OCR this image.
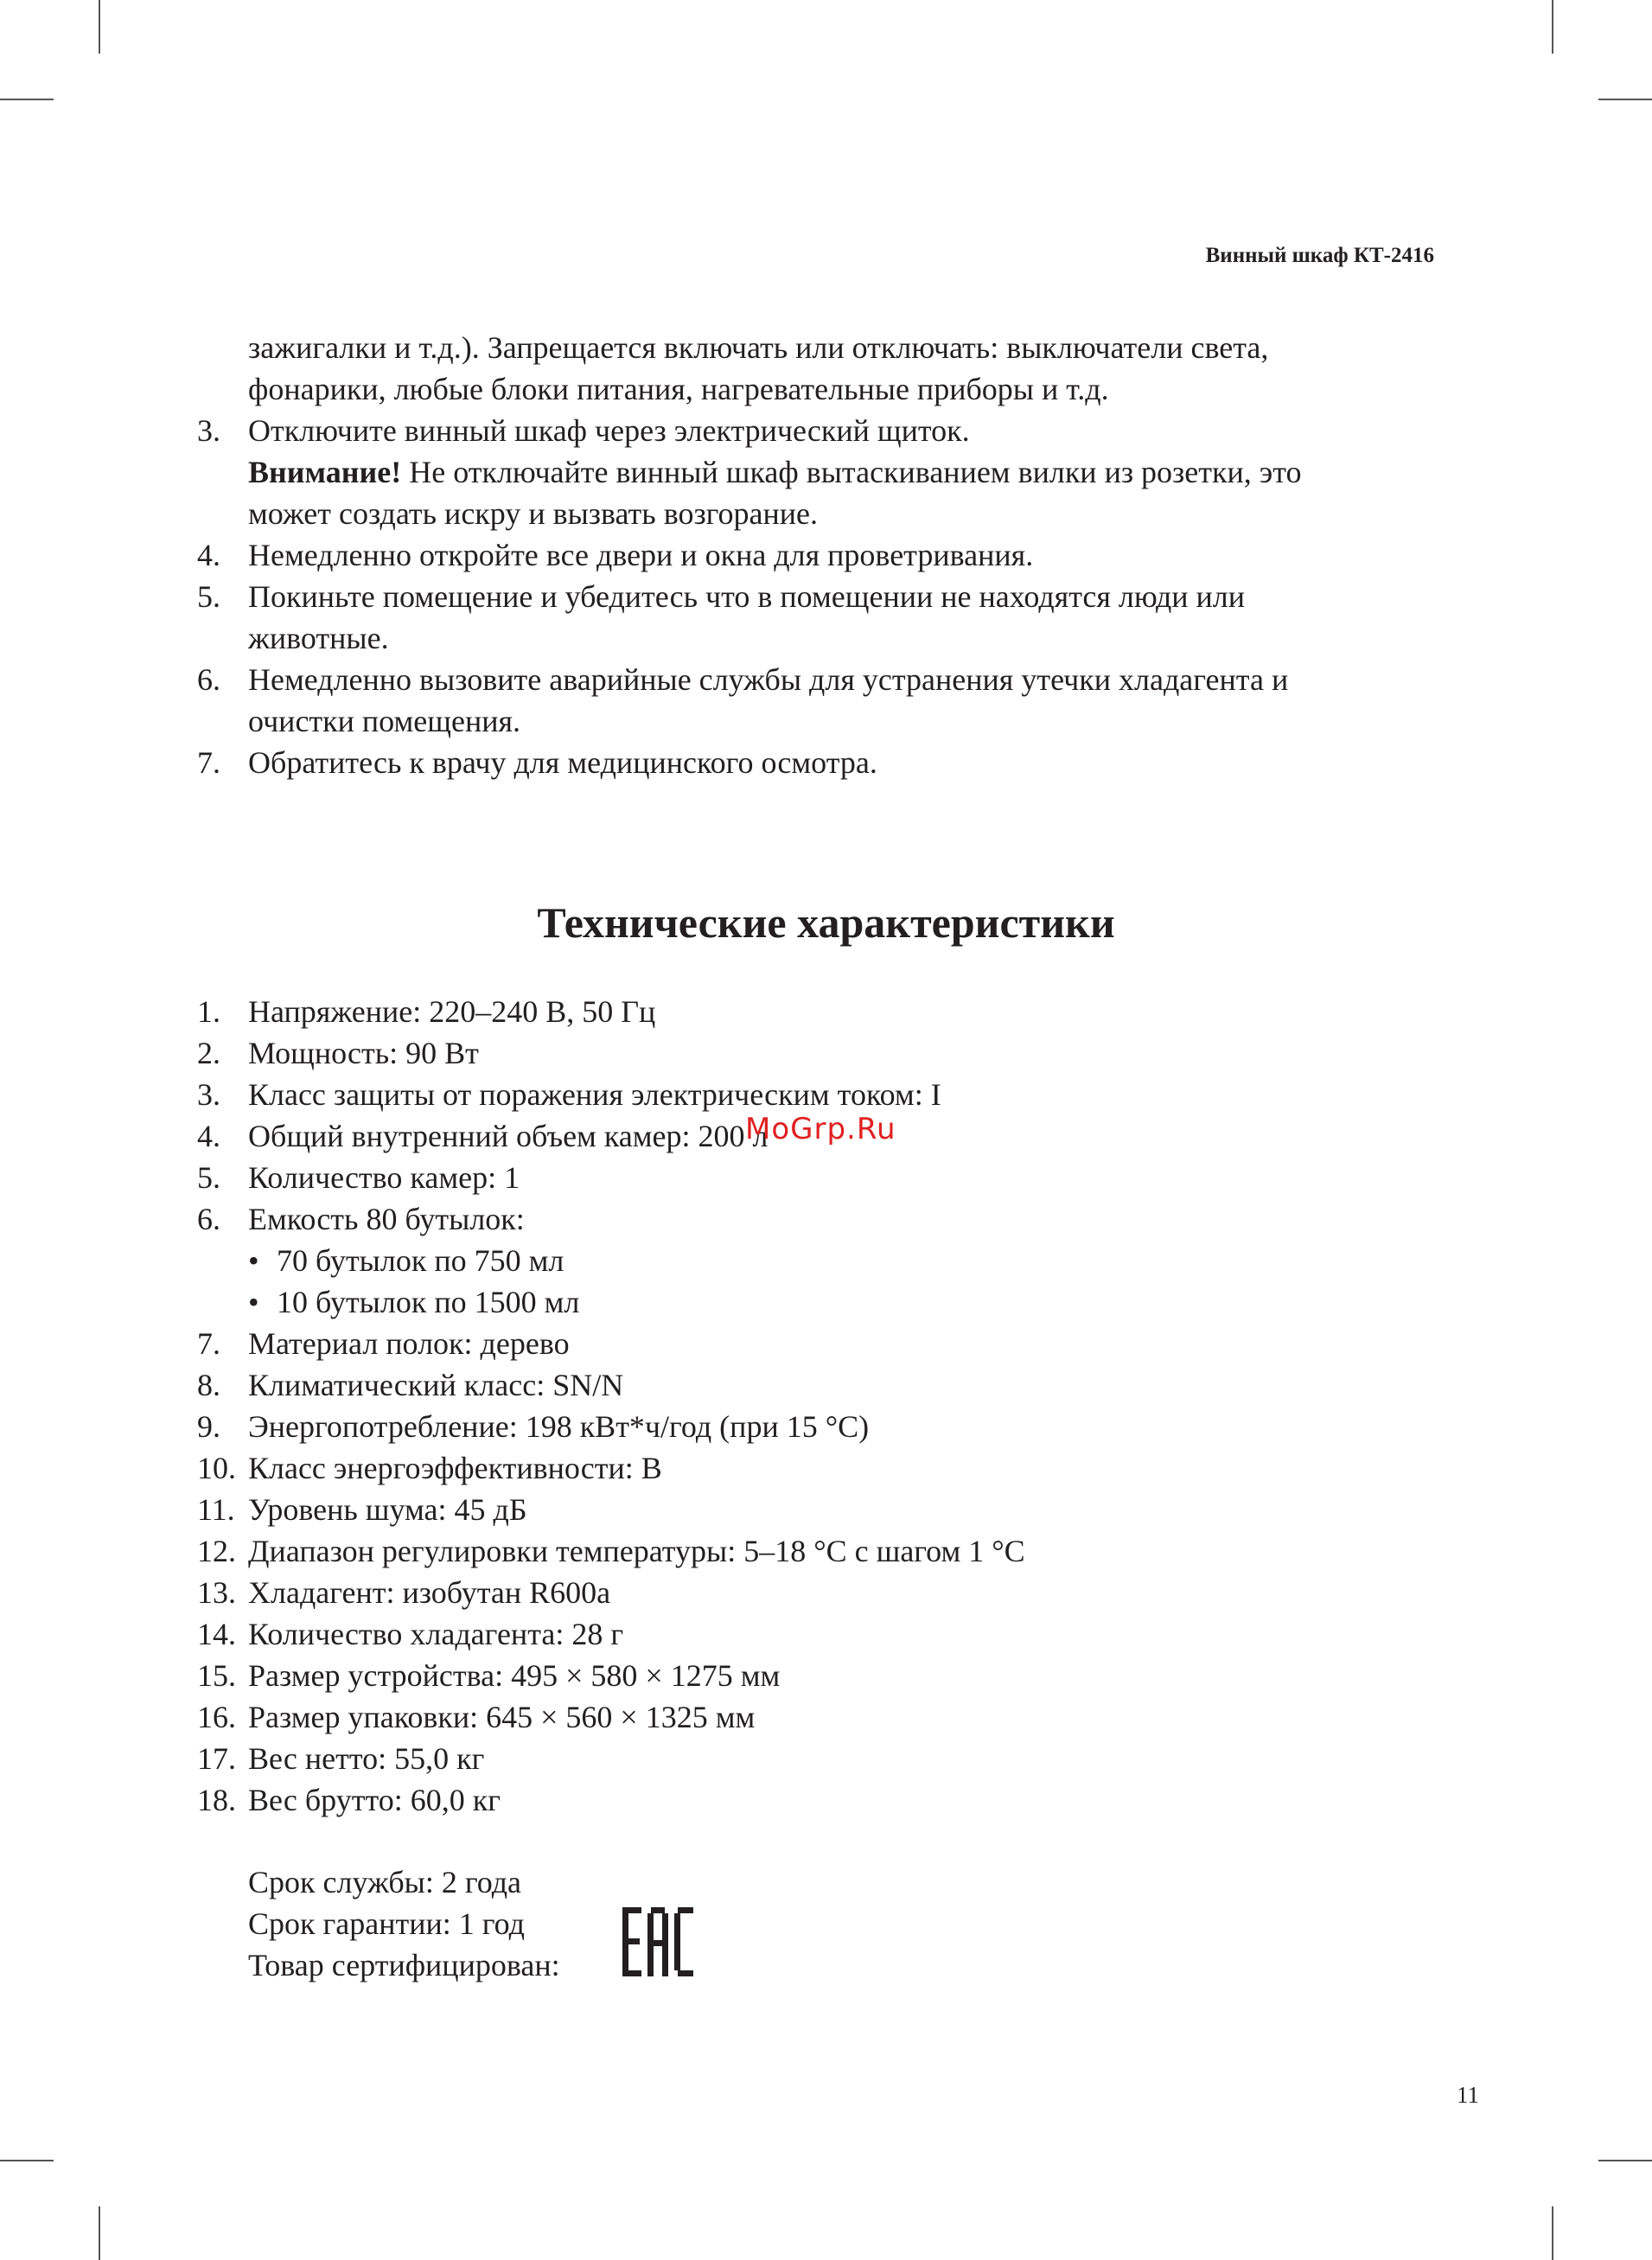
Винный шкаф КТ-2416
зажигалки и т.д.). Запрещается включать или отключать: выключатели света,
фонарики, любые блоки питания, нагревательные приборы и т.д.
3. Отключите винный шкаф через электрический щиток.
Внимание! Не отключайте винный шкаф вытаскиванием вилки из розетки, это
может создать искру и вызвать возгорание.
4. Немедленно откройте все двери и окна для проветривания.
5. Покиньте помещение и убедитесь что в помещении не находятся люди или
животные.
6. Немедленно вызовите аварийные службы для устранения утечки хладагента и
очистки помещения.
7. Обратитесь к врачу для медицинского осмотра.
Технические характеристики
1. Напряжение: 220–240 В, 50 Гц
2. Мощность: 90 Вт
3. Класс защиты от поражения электрическим током: I
4. Общий внутренний объем камер: 200 л
5. Количество камер: 1
6. Емкость 80 бутылок:
• 70 бутылок по 750 мл
• 10 бутылок по 1500 мл
7. Материал полок: дерево
8. Климатический класс: SN/N
9. Энергопотребление: 198 кВт*ч/год (при 15 °C)
10. Класс энергоэффективности: B
11. Уровень шума: 45 дБ
12. Диапазон регулировки температуры: 5–18 °C с шагом 1 °C
13. Хладагент: изобутан R600a
14. Количество хладагента: 28 г
15. Размер устройства: 495 × 580 × 1275 мм
16. Размер упаковки: 645 × 560 × 1325 мм
17. Вес нетто: 55,0 кг
18. Вес брутто: 60,0 кг
Срок службы: 2 года
Срок гарантии: 1 год
Товар сертифицирован:
MoGrp.Ru
11
